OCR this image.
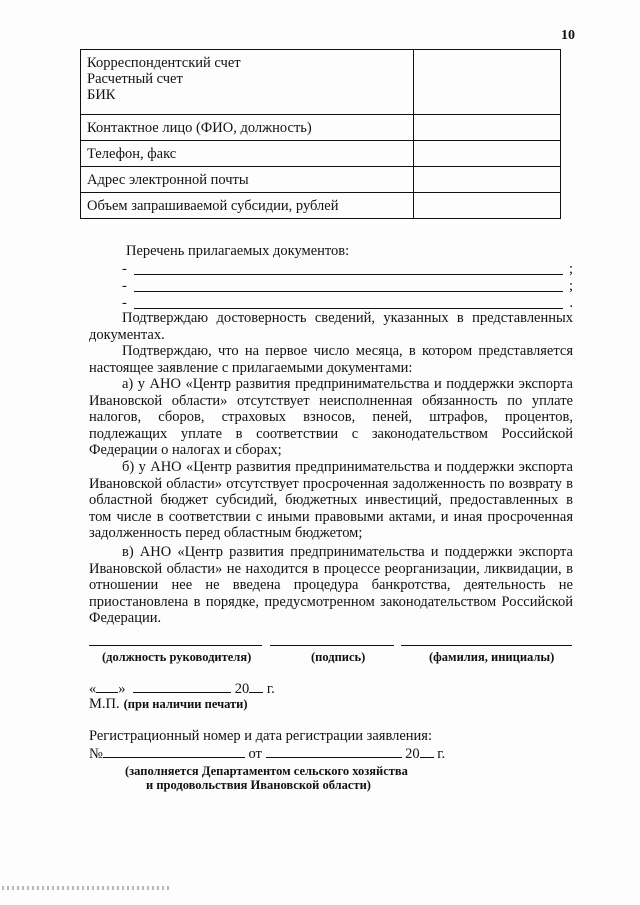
10
Корреспондентский счет
Расчетный счет
БИК	

Контактное лицо (ФИО, должность)	
Телефон, факс	
Адрес электронной почты	
Объем запрашиваемой субсидии, рублей	
Перечень прилагаемых документов:
-	;
-	;
-	.
Подтверждаю достоверность сведений, указанных в представленных документах.
Подтверждаю, что на первое число месяца, в котором представляется настоящее заявление с прилагаемыми документами:
а) у АНО «Центр развития предпринимательства и поддержки экспорта Ивановской области» отсутствует неисполненная обязанность по уплате налогов, сборов, страховых взносов, пеней, штрафов, процентов, подлежащих уплате в соответствии с законодательством Российской Федерации о налогах и сборах;
б) у АНО «Центр развития предпринимательства и поддержки экспорта Ивановской области» отсутствует просроченная задолженность по возврату в областной бюджет субсидий, бюджетных инвестиций, предоставленных в том числе в соответствии с иными правовыми актами, и иная просроченная задолженность перед областным бюджетом;
в) АНО «Центр развития предпринимательства и поддержки экспорта Ивановской области» не находится в процессе реорганизации, ликвидации, в отношении нее не введена процедура банкротства, деятельность не приостановлена в порядке, предусмотренном законодательством Российской Федерации.
(должность руководителя)	(подпись)	(фамилия, инициалы)
« »	20 г.
М.П. (при наличии печати)
Регистрационный номер и дата регистрации заявления:
№	от	20 г.
(заполняется Департаментом сельского хозяйства
и продовольствия Ивановской области)
